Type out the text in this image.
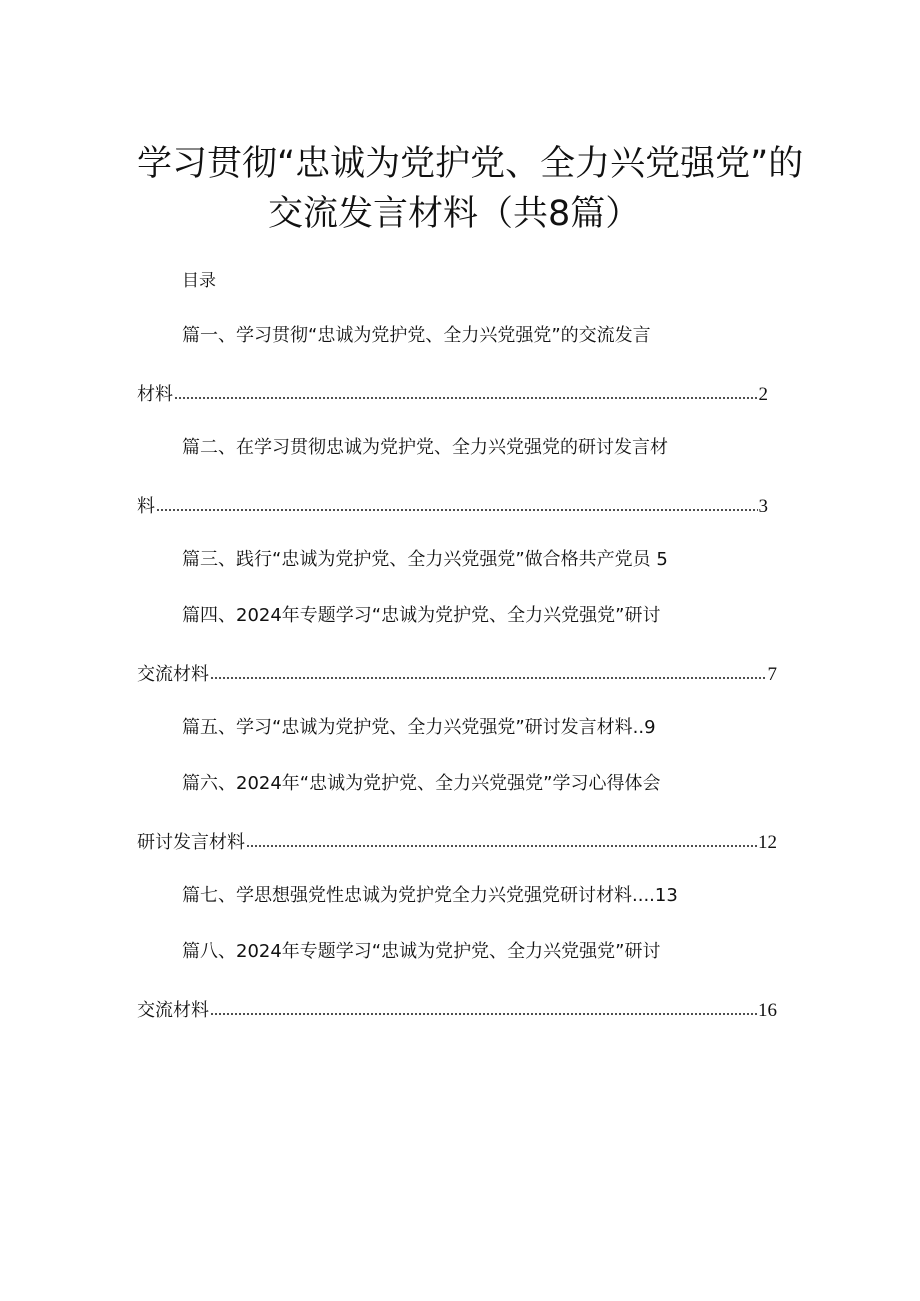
学习贯彻“忠诚为党护党、全力兴党强党”的
交流发言材料（共8篇）
目录
篇一、学习贯彻“忠诚为党护党、全力兴党强党”的交流发言
材料	2
篇二、在学习贯彻忠诚为党护党、全力兴党强党的研讨发言材
料	3
篇三、践行“忠诚为党护党、全力兴党强党”做合格共产党员 5
篇四、2024年专题学习“忠诚为党护党、全力兴党强党”研讨
交流材料	7
篇五、学习“忠诚为党护党、全力兴党强党”研讨发言材料..9
篇六、2024年“忠诚为党护党、全力兴党强党”学习心得体会
研讨发言材料	12
篇七、学思想强党性忠诚为党护党全力兴党强党研讨材料....13
篇八、2024年专题学习“忠诚为党护党、全力兴党强党”研讨
交流材料	16
